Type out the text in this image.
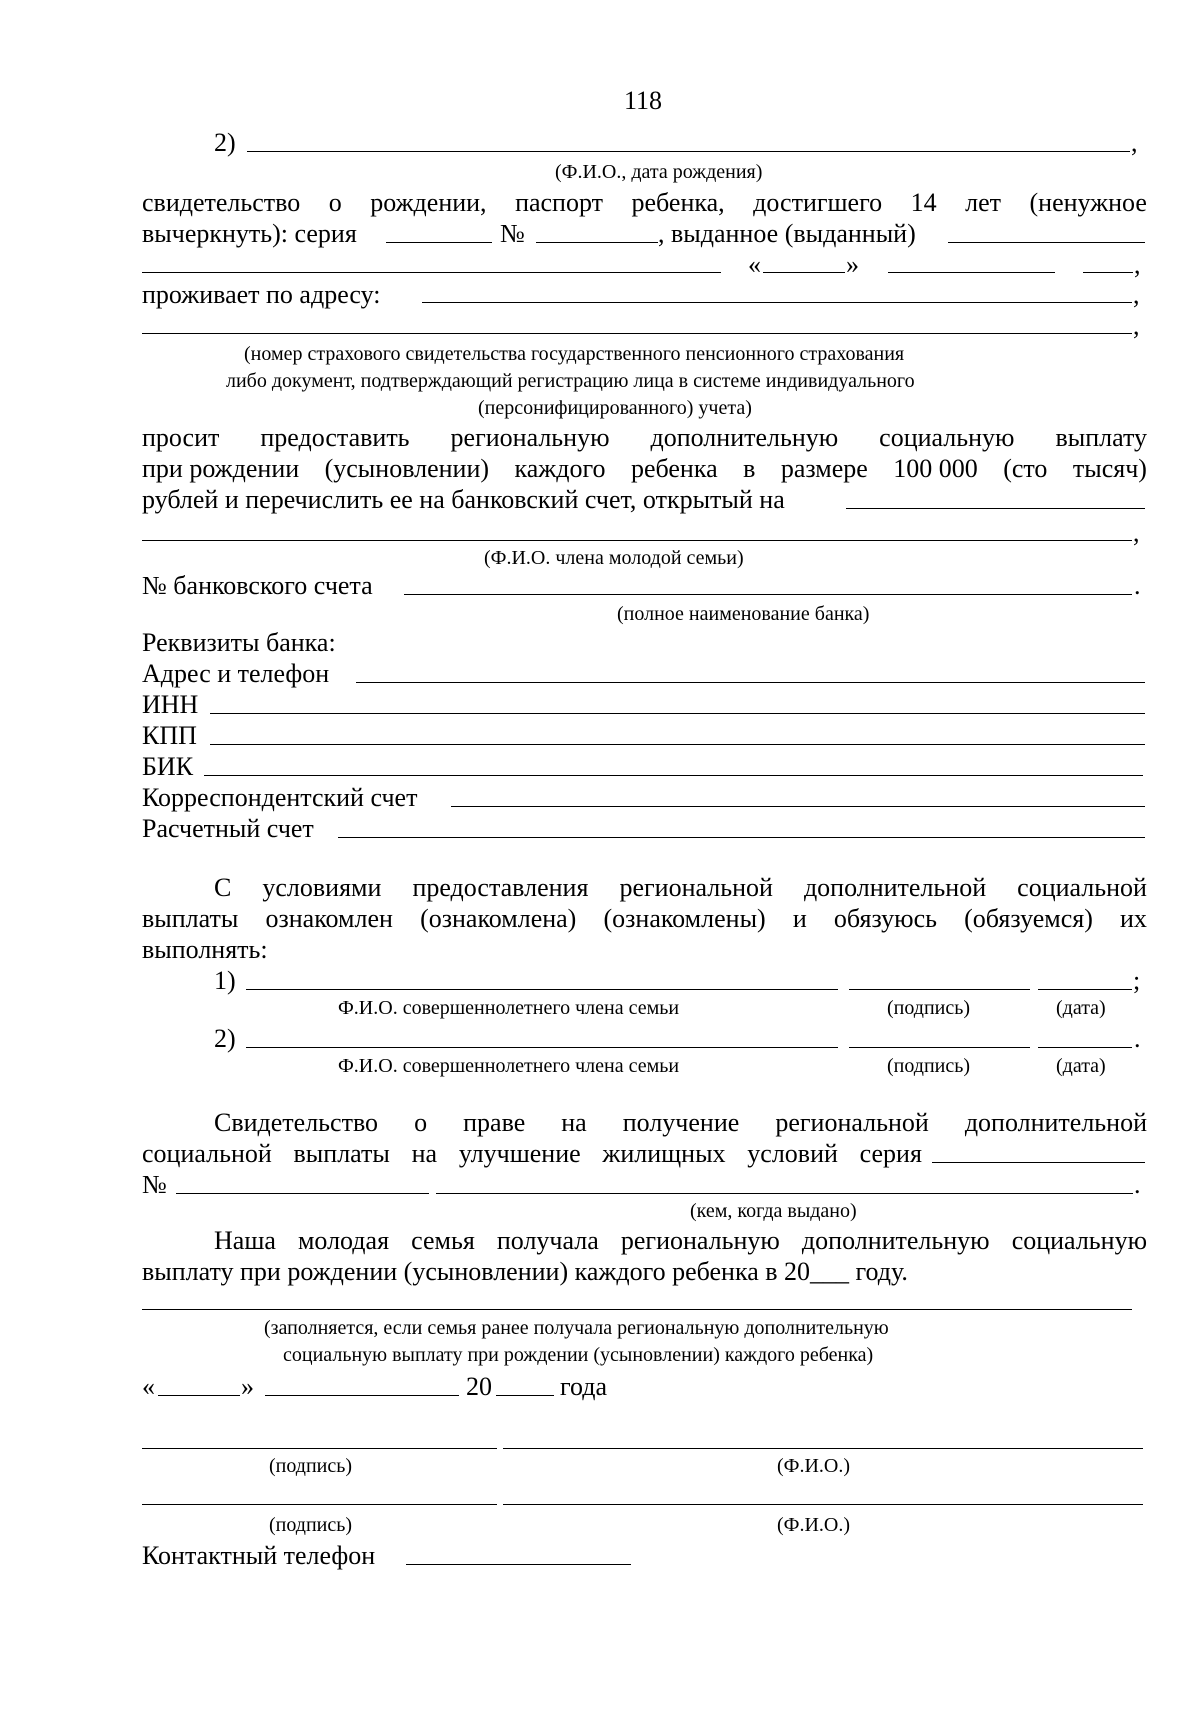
118
2)	,
(Ф.И.О., дата рождения)
свидетельство о рождении, паспорт ребенка, достигшего 14 лет (ненужное
вычеркнуть): серия	№	, выданное (выданный)
«	»	,
проживает по адресу:	,
,
(номер страхового свидетельства государственного пенсионного страхования
либо документ, подтверждающий регистрацию лица в системе индивидуального
(персонифицированного) учета)
просит предоставить региональную дополнительную социальную выплату
при рождении (усыновлении) каждого ребенка в размере 100 000 (сто тысяч)
рублей и перечислить ее на банковский счет, открытый на
,
(Ф.И.О. члена молодой семьи)
№ банковского счета	.
(полное наименование банка)
Реквизиты банка:
Адрес и телефон
ИНН
КПП
БИК
Корреспондентский счет
Расчетный счет
С условиями предоставления региональной дополнительной социальной
выплаты ознакомлен (ознакомлена) (ознакомлены) и обязуюсь (обязуемся) их
выполнять:
1)	;
Ф.И.О. совершеннолетнего члена семьи	(подпись)	(дата)
2)	.
Ф.И.О. совершеннолетнего члена семьи	(подпись)	(дата)
Свидетельство о праве на получение региональной дополнительной
социальной выплаты на улучшение жилищных условий серия
№	.
(кем, когда выдано)
Наша молодая семья получала региональную дополнительную социальную
выплату при рождении (усыновлении) каждого ребенка в 20___ году.
(заполняется, если семья ранее получала региональную дополнительную
социальную выплату при рождении (усыновлении) каждого ребенка)
«	»	20	года
(подпись)	(Ф.И.О.)
(подпись)	(Ф.И.О.)
Контактный телефон
